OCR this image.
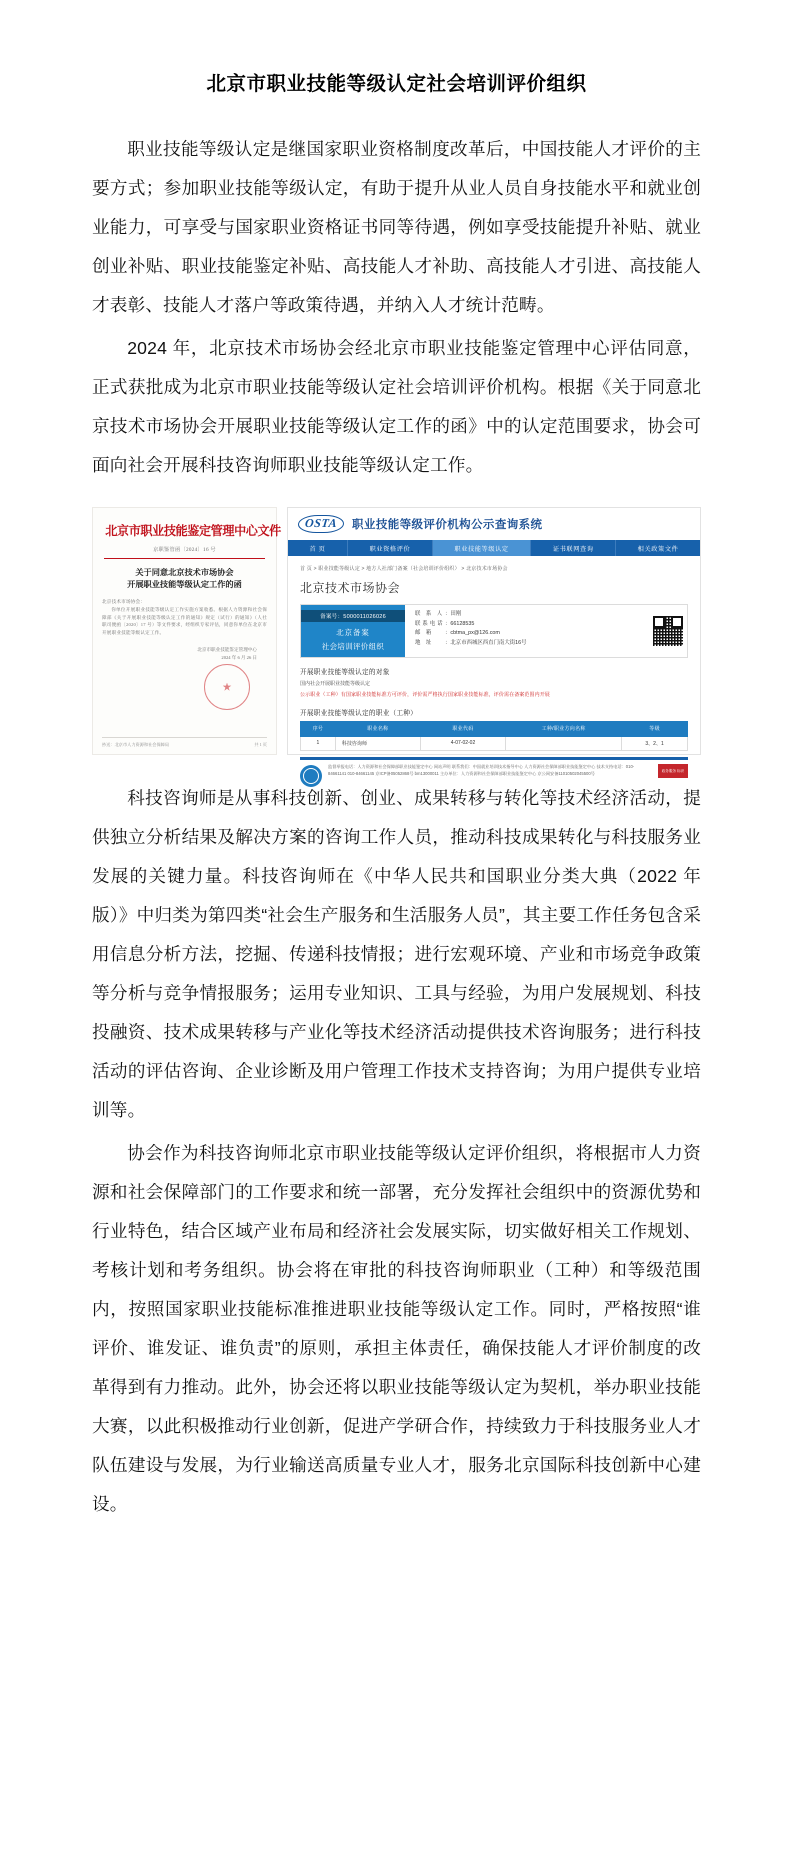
北京市职业技能等级认定社会培训评价组织

职业技能等级认定是继国家职业资格制度改革后，中国技能人才评价的主要方式；参加职业技能等级认定，有助于提升从业人员自身技能水平和就业创业能力，可享受与国家职业资格证书同等待遇，例如享受技能提升补贴、就业创业补贴、职业技能鉴定补贴、高技能人才补助、高技能人才引进、高技能人才表彰、技能人才落户等政策待遇，并纳入人才统计范畴。

2024 年，北京技术市场协会经北京市职业技能鉴定管理中心评估同意，正式获批成为北京市职业技能等级认定社会培训评价机构。根据《关于同意北京技术市场协会开展职业技能等级认定工作的函》中的认定范围要求，协会可面向社会开展科技咨询师职业技能等级认定工作。

北京市职业技能鉴定管理中心文件
京职鉴管函〔2024〕16 号
关于同意北京技术市场协会
开展职业技能等级认定工作的函
北京技术市场协会：
你单位开展职业技能等级认定工作实施方案收悉。根据人力资源和社会保障部《关于开展职业技能等级认定工作的通知》规定（试行）的通知》（人社职司便函〔2020〕17 号）等文件要求，经组织专家评估，同意你单位在北京市开展职业技能等级认定工作。
北京市职业技能鉴定管理中心
2024 年 6 月 26 日
抄送：北京市人力资源和社会保障局	共 1 页
OSTA	职业技能等级评价机构公示查询系统
首 页	职业资格评价	职业技能等级认定	证书联网查询	相关政策文件
首 页 > 职业技能等级认定 > 地方人社部门备案（社会培训评价组织） > 北京技术市场协会
北京技术市场协会
备案号：5000011026026
北京备案
社会培训评价组织
联 系 人：田刚
联系电话：66128535
邮 箱 ：cbtma_px@126.com
地 址 ：北京市西城区西直门南大街16号
开展职业技能等级认定的对象
国内社会开展职业技能等级认定
公示职业（工种）有国家职业技能标准方可评价，评价需严格执行国家职业技能标准，评价需在备案范围内开展
开展职业技能等级认定的职业（工种）
序号	职业名称	职业代码	工种/职业方向名称	等级
1	科技咨询师	4-07-02-02		3、2、1
监督举报电话：人力资源和社会保障部职业技能鉴定中心 网站声明 联系我们：中国就业培训技术指导中心 人力资源社会保障部职业技能鉴定中心 技术支持电话：010-84661141 010-84661145 京ICP备05052868号 bm13000011 主办单位：人力资源和社会保障部职业技能鉴定中心 京公网安备11010502045500号
政务服务 标识

科技咨询师是从事科技创新、创业、成果转移与转化等技术经济活动，提供独立分析结果及解决方案的咨询工作人员，推动科技成果转化与科技服务业发展的关键力量。科技咨询师在《中华人民共和国职业分类大典（2022 年版）》中归类为第四类“社会生产服务和生活服务人员”，其主要工作任务包含采用信息分析方法，挖掘、传递科技情报；进行宏观环境、产业和市场竞争政策等分析与竞争情报服务；运用专业知识、工具与经验，为用户发展规划、科技投融资、技术成果转移与产业化等技术经济活动提供技术咨询服务；进行科技活动的评估咨询、企业诊断及用户管理工作技术支持咨询；为用户提供专业培训等。

协会作为科技咨询师北京市职业技能等级认定评价组织，将根据市人力资源和社会保障部门的工作要求和统一部署，充分发挥社会组织中的资源优势和行业特色，结合区域产业布局和经济社会发展实际，切实做好相关工作规划、考核计划和考务组织。协会将在审批的科技咨询师职业（工种）和等级范围内，按照国家职业技能标准推进职业技能等级认定工作。同时，严格按照“谁评价、谁发证、谁负责”的原则，承担主体责任，确保技能人才评价制度的改革得到有力推动。此外，协会还将以职业技能等级认定为契机，举办职业技能大赛，以此积极推动行业创新，促进产学研合作，持续致力于科技服务业人才队伍建设与发展，为行业输送高质量专业人才，服务北京国际科技创新中心建设。
